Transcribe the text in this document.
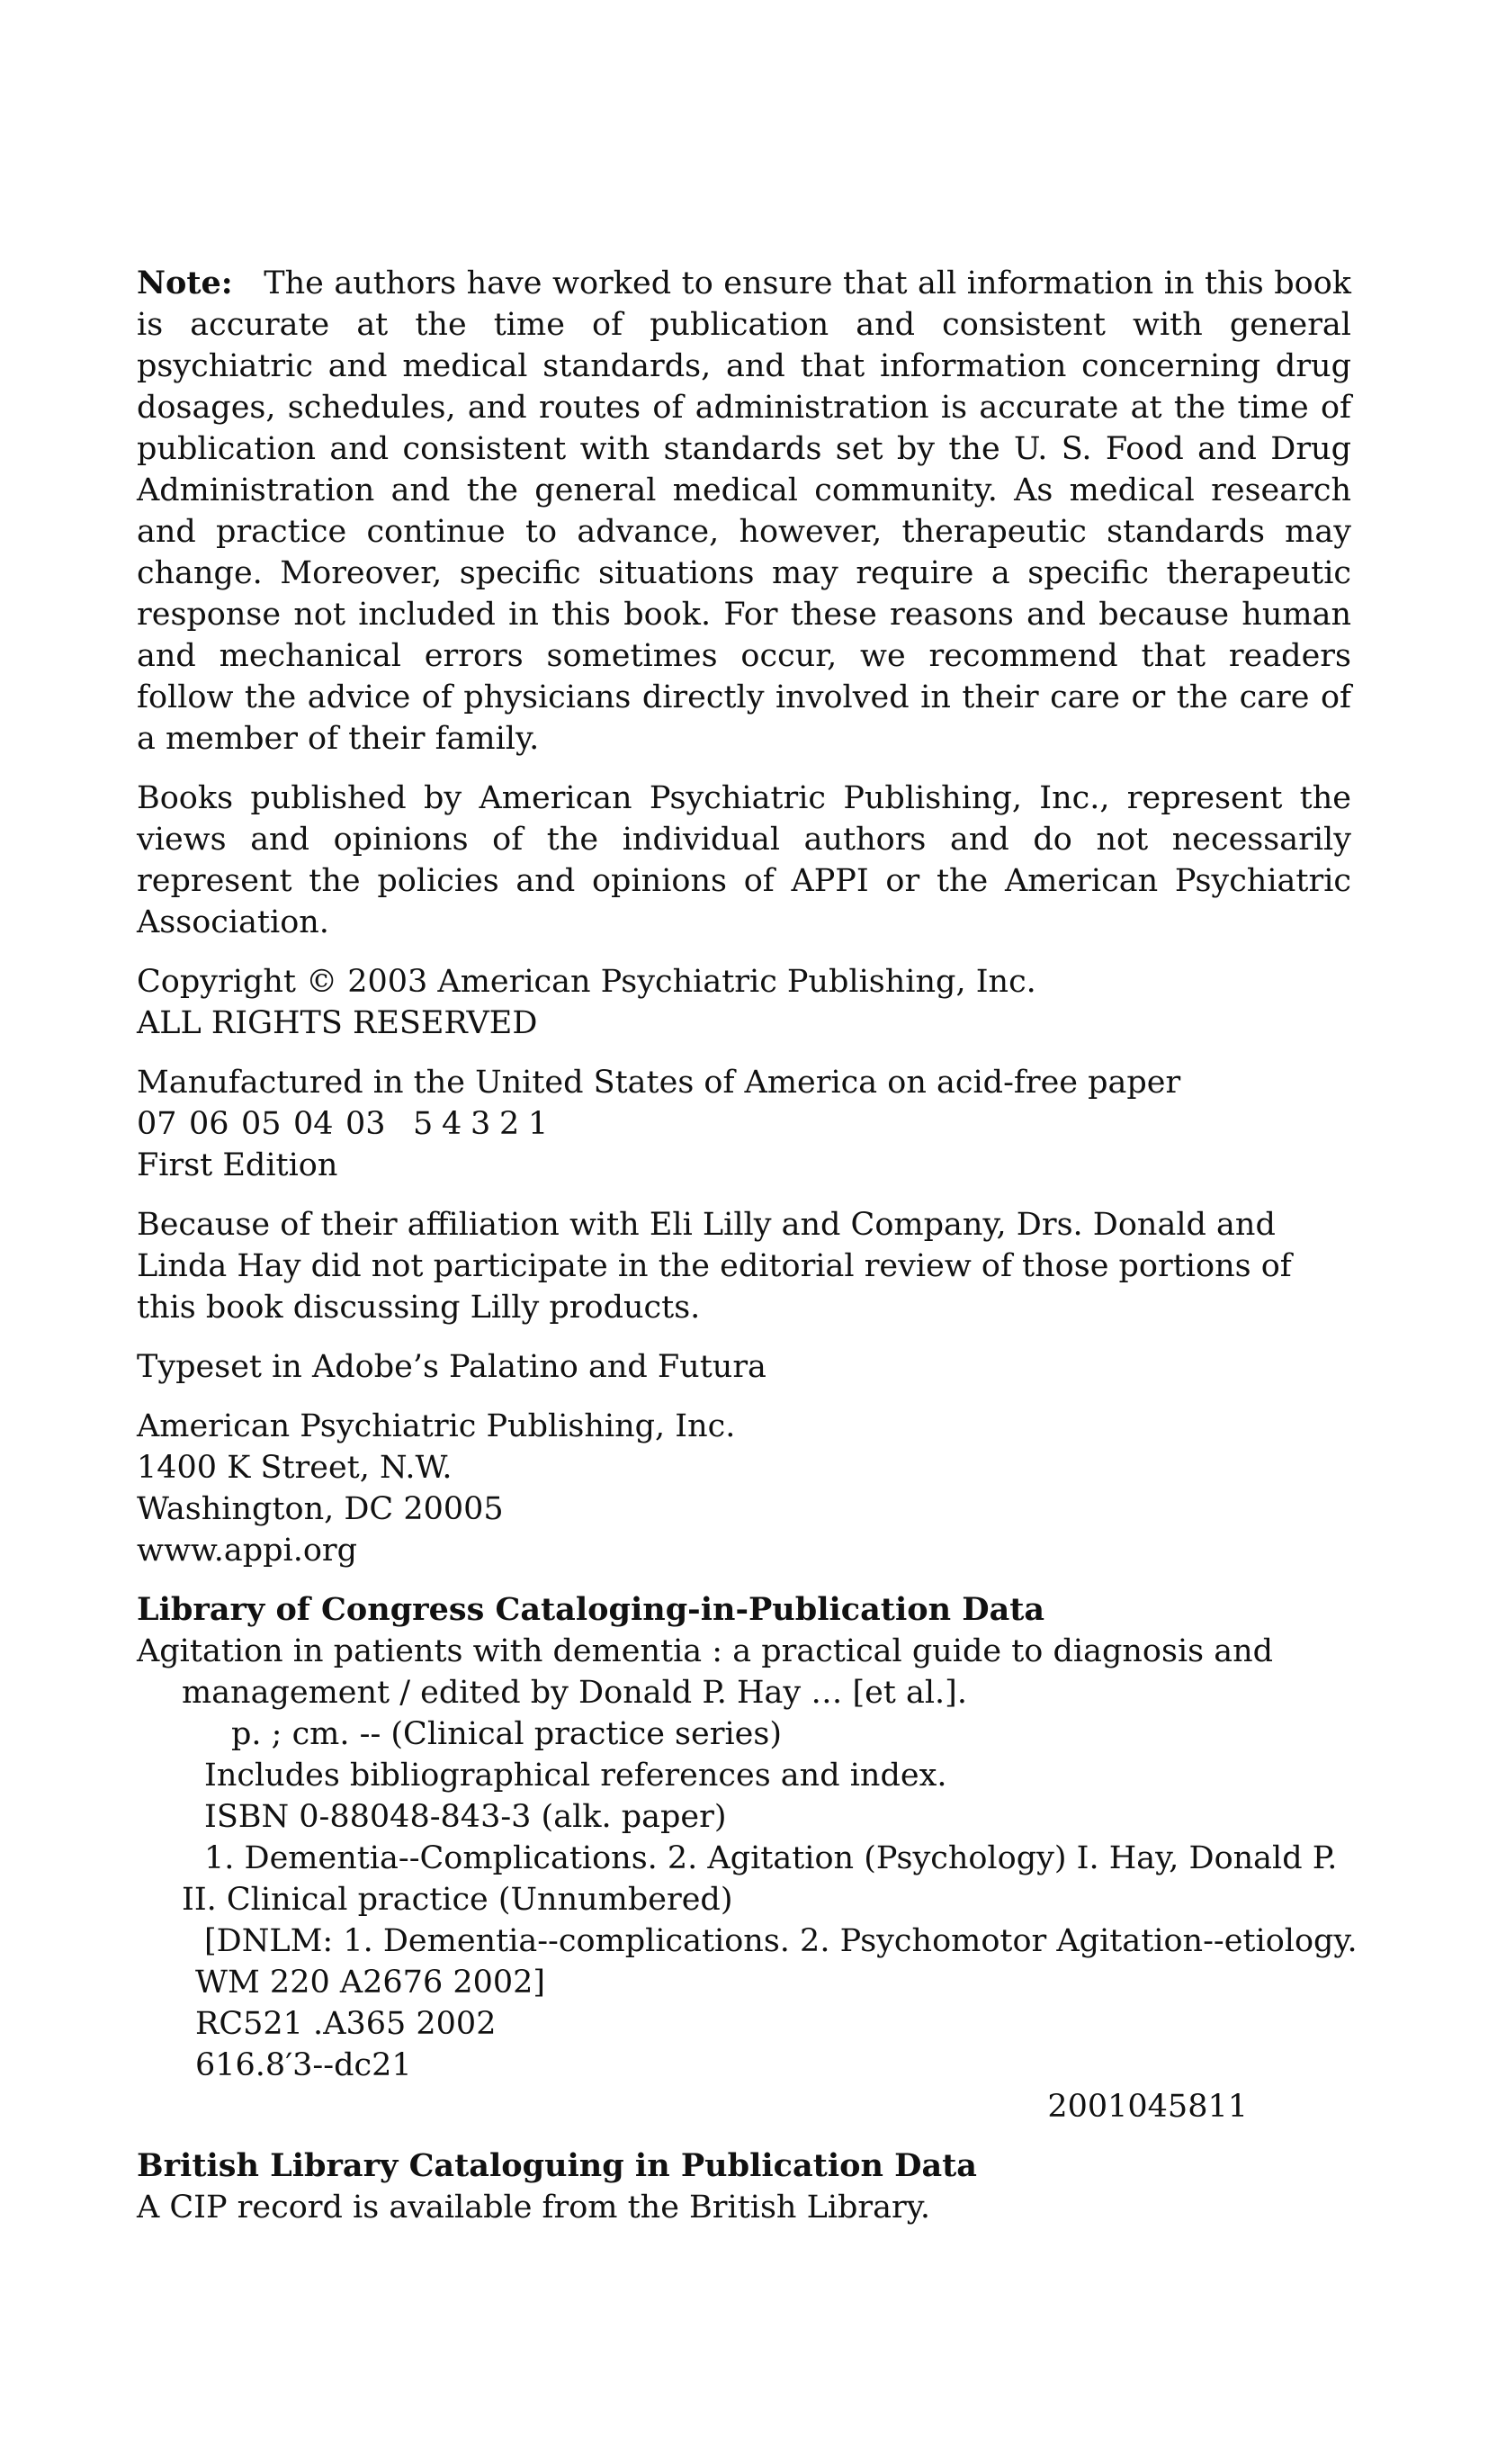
Note: The authors have worked to ensure that all information in this book is accurate at the time of publication and consistent with general psychiatric and medical standards, and that information concerning drug dosages, schedules, and routes of administration is accurate at the time of publication and consistent with standards set by the U. S. Food and Drug Administration and the general medical community. As medical research and practice continue to advance, however, therapeutic standards may change. Moreover, specific situations may require a specific therapeutic response not included in this book. For these reasons and because human and mechanical errors sometimes occur, we recommend that readers follow the advice of physicians directly involved in their care or the care of a member of their family.

Books published by American Psychiatric Publishing, Inc., represent the views and opinions of the individual authors and do not necessarily represent the policies and opinions of APPI or the American Psychiatric Association.

Copyright © 2003 American Psychiatric Publishing, Inc.
ALL RIGHTS RESERVED
Manufactured in the United States of America on acid-free paper
07 06 05 04 03 5 4 3 2 1
First Edition

Because of their affiliation with Eli Lilly and Company, Drs. Donald and Linda Hay did not participate in the editorial review of those portions of this book discussing Lilly products.

Typeset in Adobe’s Palatino and Futura

American Psychiatric Publishing, Inc.
1400 K Street, N.W.
Washington, DC 20005
www.appi.org
Library of Congress Cataloging-in-Publication Data
Agitation in patients with dementia : a practical guide to diagnosis and
management / edited by Donald P. Hay … [et al.].
p. ; cm. -- (Clinical practice series)
Includes bibliographical references and index.
ISBN 0-88048-843-3 (alk. paper)
1. Dementia--Complications. 2. Agitation (Psychology) I. Hay, Donald P.
II. Clinical practice (Unnumbered)
[DNLM: 1. Dementia--complications. 2. Psychomotor Agitation--etiology.
WM 220 A2676 2002]
RC521 .A365 2002
616.8′3--dc21
2001045811
British Library Cataloguing in Publication Data
A CIP record is available from the British Library.
